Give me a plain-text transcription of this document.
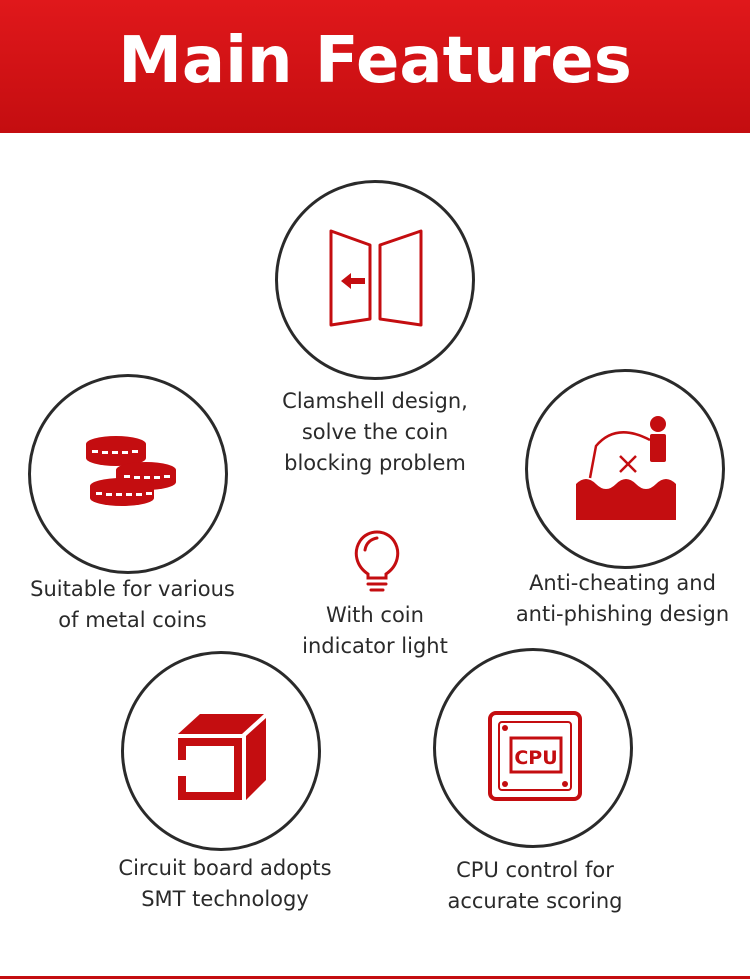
Main Features
Clamshell design,
solve the coin
blocking problem
Suitable for various
of metal coins
Anti-cheating and
anti-phishing design
With coin
indicator light
Circuit board adopts
SMT technology
CPU
CPU control for
accurate scoring
